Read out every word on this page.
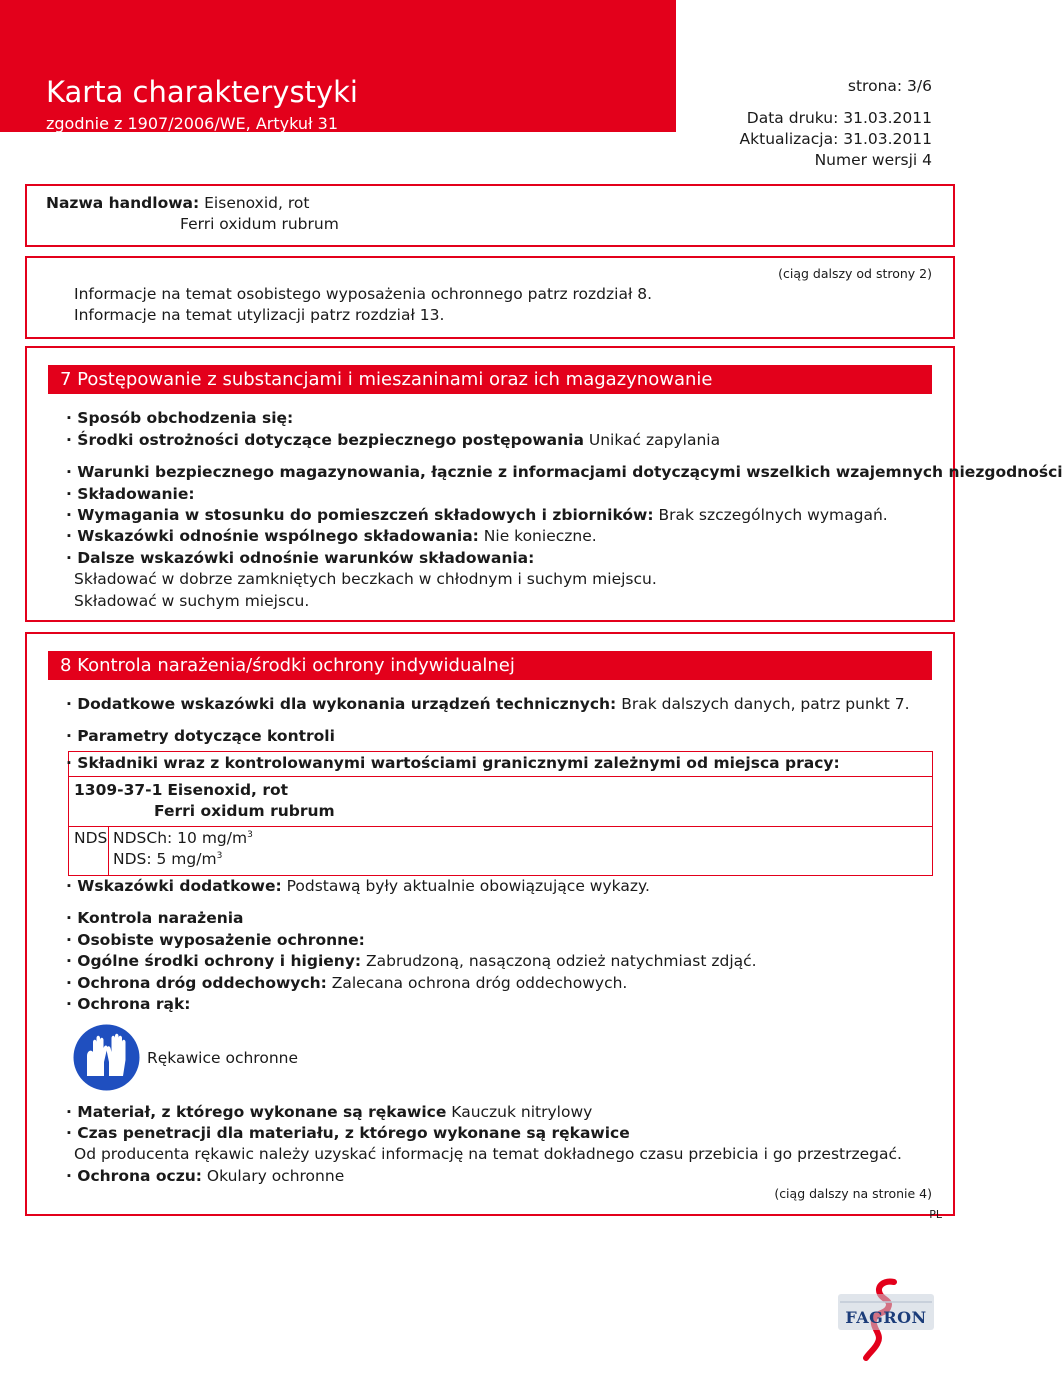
Karta charakterystyki
zgodnie z 1907/2006/WE, Artykuł 31
strona: 3/6
Data druku: 31.03.2011
Aktualizacja: 31.03.2011
Numer wersji 4
Nazwa handlowa: Eisenoxid, rot
Ferri oxidum rubrum
(ciąg dalszy od strony 2)
Informacje na temat osobistego wyposażenia ochronnego patrz rozdział 8.
Informacje na temat utylizacji patrz rozdział 13.
7 Postępowanie z substancjami i mieszaninami oraz ich magazynowanie
· Sposób obchodzenia się:
· Środki ostrożności dotyczące bezpiecznego postępowania Unikać zapylania
· Warunki bezpiecznego magazynowania, łącznie z informacjami dotyczącymi wszelkich wzajemnych niezgodności
· Składowanie:
· Wymagania w stosunku do pomieszczeń składowych i zbiorników: Brak szczególnych wymagań.
· Wskazówki odnośnie wspólnego składowania: Nie konieczne.
· Dalsze wskazówki odnośnie warunków składowania:
Składować w dobrze zamkniętych beczkach w chłodnym i suchym miejscu.
Składować w suchym miejscu.
8 Kontrola narażenia/środki ochrony indywidualnej
· Dodatkowe wskazówki dla wykonania urządzeń technicznych: Brak dalszych danych, patrz punkt 7.
· Parametry dotyczące kontroli
· Składniki wraz z kontrolowanymi wartościami granicznymi zależnymi od miejsca pracy:
1309-37-1 Eisenoxid, rot
Ferri oxidum rubrum
NDS NDSCh: 10 $mg/m^3$
NDS: 5 $mg/m^3$
· Wskazówki dodatkowe: Podstawą były aktualnie obowiązujące wykazy.
· Kontrola narażenia
· Osobiste wyposażenie ochronne:
· Ogólne środki ochrony i higieny: Zabrudzoną, nasączoną odzież natychmiast zdjąć.
· Ochrona dróg oddechowych: Zalecana ochrona dróg oddechowych.
· Ochrona rąk:
Rękawice ochronne
· Materiał, z którego wykonane są rękawice Kauczuk nitrylowy
· Czas penetracji dla materiału, z którego wykonane są rękawice
Od producenta rękawic należy uzyskać informację na temat dokładnego czasu przebicia i go przestrzegać.
· Ochrona oczu: Okulary ochronne
(ciąg dalszy na stronie 4)
PL
FAGRON
